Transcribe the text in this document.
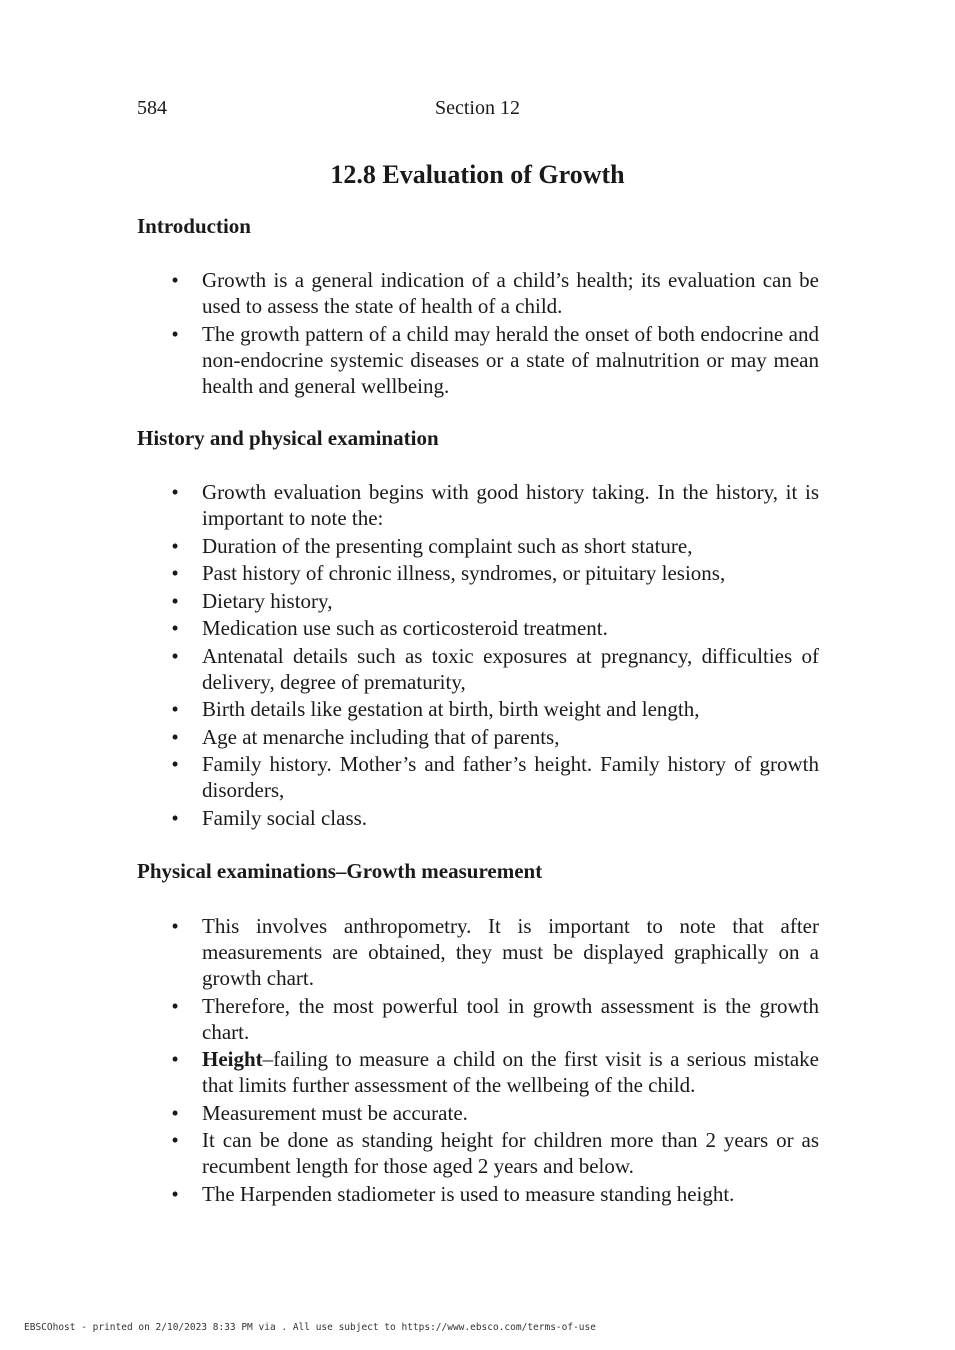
584	Section 12
12.8 Evaluation of Growth
Introduction
• Growth is a general indication of a child’s health; its evaluation can be used to assess the state of health of a child.
• The growth pattern of a child may herald the onset of both endocrine and non-endocrine systemic diseases or a state of malnutrition or may mean health and general wellbeing.
History and physical examination
• Growth evaluation begins with good history taking. In the history, it is important to note the:
• Duration of the presenting complaint such as short stature,
• Past history of chronic illness, syndromes, or pituitary lesions,
• Dietary history,
• Medication use such as corticosteroid treatment.
• Antenatal details such as toxic exposures at pregnancy, difficulties of delivery, degree of prematurity,
• Birth details like gestation at birth, birth weight and length,
• Age at menarche including that of parents,
• Family history. Mother’s and father’s height. Family history of growth disorders,
• Family social class.
Physical examinations–Growth measurement
• This involves anthropometry. It is important to note that after measurements are obtained, they must be displayed graphically on a growth chart.
• Therefore, the most powerful tool in growth assessment is the growth chart.
• Height–failing to measure a child on the first visit is a serious mistake that limits further assessment of the wellbeing of the child.
• Measurement must be accurate.
• It can be done as standing height for children more than 2 years or as recumbent length for those aged 2 years and below.
• The Harpenden stadiometer is used to measure standing height.
EBSCOhost - printed on 2/10/2023 8:33 PM via . All use subject to https://www.ebsco.com/terms-of-use
